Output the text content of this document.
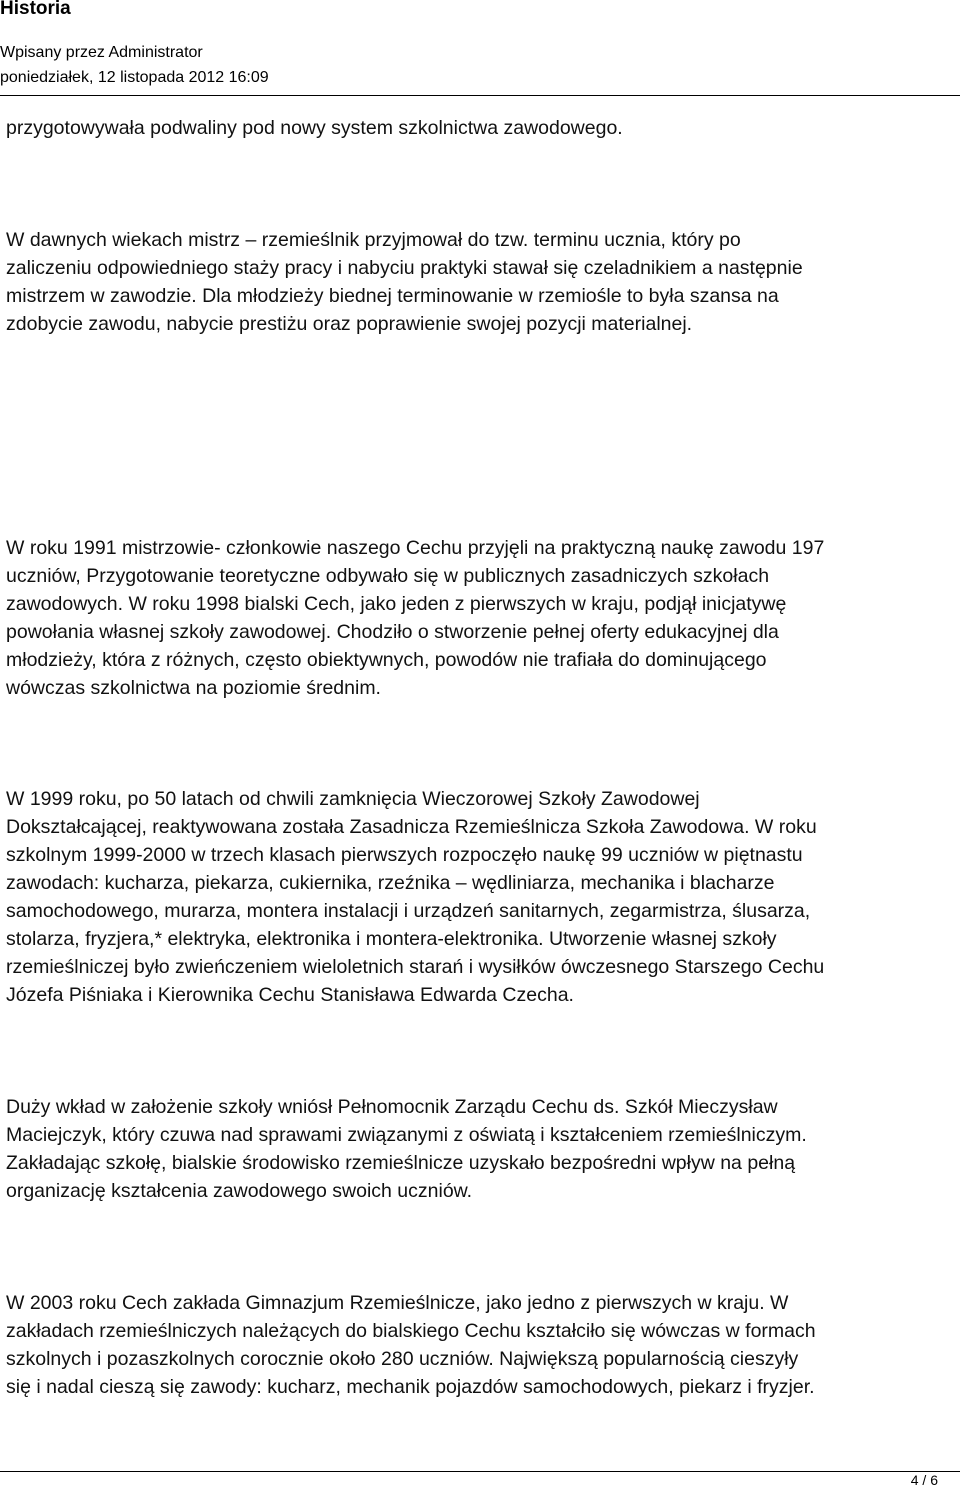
Historia
Wpisany przez Administrator
poniedziałek, 12 listopada 2012 16:09
przygotowywała podwaliny pod nowy system szkolnictwa zawodowego.
W dawnych wiekach mistrz – rzemieślnik przyjmował do tzw. terminu ucznia, który po
zaliczeniu odpowiedniego staży pracy i nabyciu praktyki stawał się czeladnikiem a następnie
mistrzem w zawodzie. Dla młodzieży biednej terminowanie w rzemiośle to była szansa na
zdobycie zawodu, nabycie prestiżu oraz poprawienie swojej pozycji materialnej.
W roku 1991 mistrzowie- członkowie naszego Cechu przyjęli na praktyczną naukę zawodu 197
uczniów, Przygotowanie teoretyczne odbywało się w publicznych zasadniczych szkołach
zawodowych. W roku 1998 bialski Cech, jako jeden z pierwszych w kraju, podjął inicjatywę
powołania własnej szkoły zawodowej. Chodziło o stworzenie pełnej oferty edukacyjnej dla
młodzieży, która z różnych, często obiektywnych, powodów nie trafiała do dominującego
wówczas szkolnictwa na poziomie średnim.
W 1999 roku, po 50 latach od chwili zamknięcia Wieczorowej Szkoły Zawodowej
Dokształcającej, reaktywowana została Zasadnicza Rzemieślnicza Szkoła Zawodowa. W roku
szkolnym 1999-2000 w trzech klasach pierwszych rozpoczęło naukę 99 uczniów w piętnastu
zawodach: kucharza, piekarza, cukiernika, rzeźnika – wędliniarza, mechanika i blacharze
samochodowego, murarza, montera instalacji i urządzeń sanitarnych, zegarmistrza, ślusarza,
stolarza, fryzjera,* elektryka, elektronika i montera-elektronika. Utworzenie własnej szkoły
rzemieślniczej było zwieńczeniem wieloletnich starań i wysiłków ówczesnego Starszego Cechu
Józefa Piśniaka i Kierownika Cechu Stanisława Edwarda Czecha.
Duży wkład w założenie szkoły wniósł Pełnomocnik Zarządu Cechu ds. Szkół Mieczysław
Maciejczyk, który czuwa nad sprawami związanymi z oświatą i kształceniem rzemieślniczym.
Zakładając szkołę, bialskie środowisko rzemieślnicze uzyskało bezpośredni wpływ na pełną
organizację kształcenia zawodowego swoich uczniów.
W 2003 roku Cech zakłada Gimnazjum Rzemieślnicze, jako jedno z pierwszych w kraju. W
zakładach rzemieślniczych należących do bialskiego Cechu kształciło się wówczas w formach
szkolnych i pozaszkolnych corocznie około 280 uczniów. Największą popularnością cieszyły
się i nadal cieszą się zawody: kucharz, mechanik pojazdów samochodowych, piekarz i fryzjer.
4 / 6
